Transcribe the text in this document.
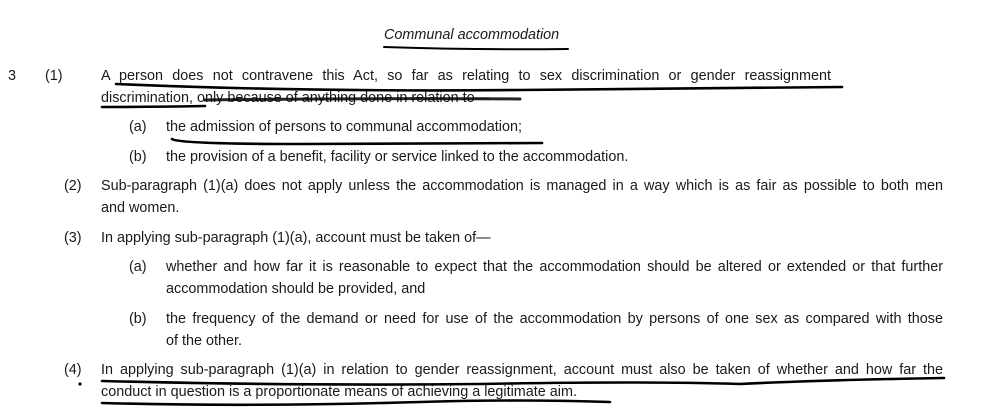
Communal accommodation
3 (1)	A person does not contravene this Act, so far as relating to sex discrimination or gender reassignment
discrimination, only because of anything done in relation to—
(a) the admission of persons to communal accommodation;
(b) the provision of a benefit, facility or service linked to the accommodation.
(2) Sub-paragraph (1)(a) does not apply unless the accommodation is managed in a way which is as fair as possible to both men
and women.
(3) In applying sub-paragraph (1)(a), account must be taken of—
(a) whether and how far it is reasonable to expect that the accommodation should be altered or extended or that further
accommodation should be provided, and
(b) the frequency of the demand or need for use of the accommodation by persons of one sex as compared with those
of the other.
(4) In applying sub-paragraph (1)(a) in relation to gender reassignment, account must also be taken of whether and how far the
conduct in question is a proportionate means of achieving a legitimate aim.
